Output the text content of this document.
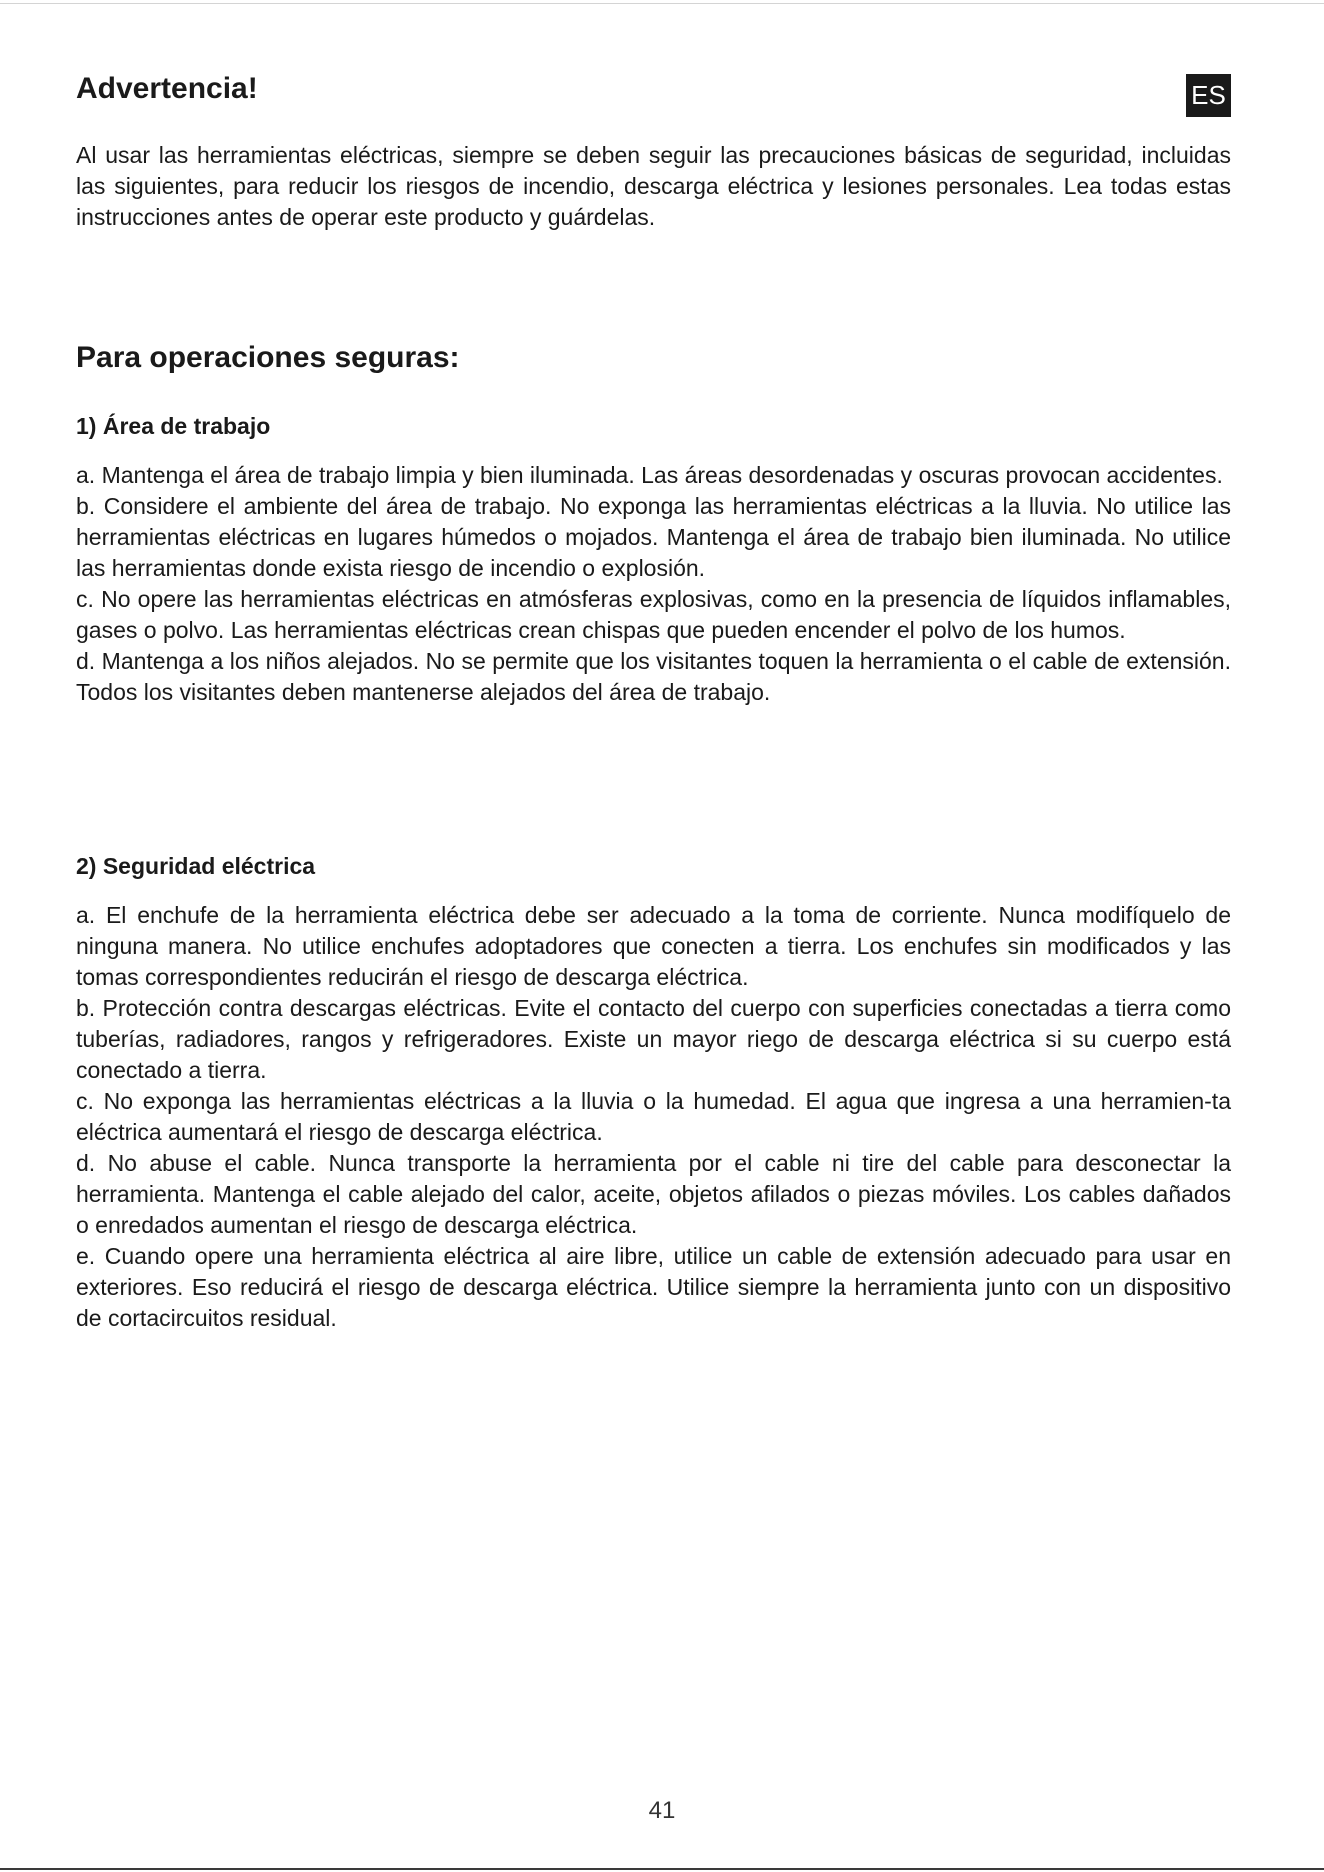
Advertencia!	ES

Al usar las herramientas eléctricas, siempre se deben seguir las precauciones básicas de seguridad, incluidas las siguientes, para reducir los riesgos de incendio, descarga eléctrica y lesiones personales. Lea todas estas instrucciones antes de operar este producto y guárdelas.

Para operaciones seguras:
1) Área de trabajo

a. Mantenga el área de trabajo limpia y bien iluminada. Las áreas desordenadas y oscuras provocan accidentes.

b. Considere el ambiente del área de trabajo. No exponga las herramientas eléctricas a la lluvia. No utilice las herramientas eléctricas en lugares húmedos o mojados. Mantenga el área de trabajo bien iluminada. No utilice las herramientas donde exista riesgo de incendio o explosión.

c. No opere las herramientas eléctricas en atmósferas explosivas, como en la presencia de líquidos inflamables, gases o polvo. Las herramientas eléctricas crean chispas que pueden encender el polvo de los humos.

d. Mantenga a los niños alejados. No se permite que los visitantes toquen la herramienta o el cable de extensión. Todos los visitantes deben mantenerse alejados del área de trabajo.

2) Seguridad eléctrica

a. El enchufe de la herramienta eléctrica debe ser adecuado a la toma de corriente. Nunca modifíquelo de ninguna manera. No utilice enchufes adoptadores que conecten a tierra. Los enchufes sin modificados y las tomas correspondientes reducirán el riesgo de descarga eléctrica.

b. Protección contra descargas eléctricas. Evite el contacto del cuerpo con superficies conectadas a tierra como tuberías, radiadores, rangos y refrigeradores. Existe un mayor riego de descarga eléctrica si su cuerpo está conectado a tierra.

c. No exponga las herramientas eléctricas a la lluvia o la humedad. El agua que ingresa a una herramien-ta eléctrica aumentará el riesgo de descarga eléctrica.

d. No abuse el cable. Nunca transporte la herramienta por el cable ni tire del cable para desconectar la herramienta. Mantenga el cable alejado del calor, aceite, objetos afilados o piezas móviles. Los cables dañados o enredados aumentan el riesgo de descarga eléctrica.

e. Cuando opere una herramienta eléctrica al aire libre, utilice un cable de extensión adecuado para usar en exteriores. Eso reducirá el riesgo de descarga eléctrica. Utilice siempre la herramienta junto con un dispositivo de cortacircuitos residual.

41
